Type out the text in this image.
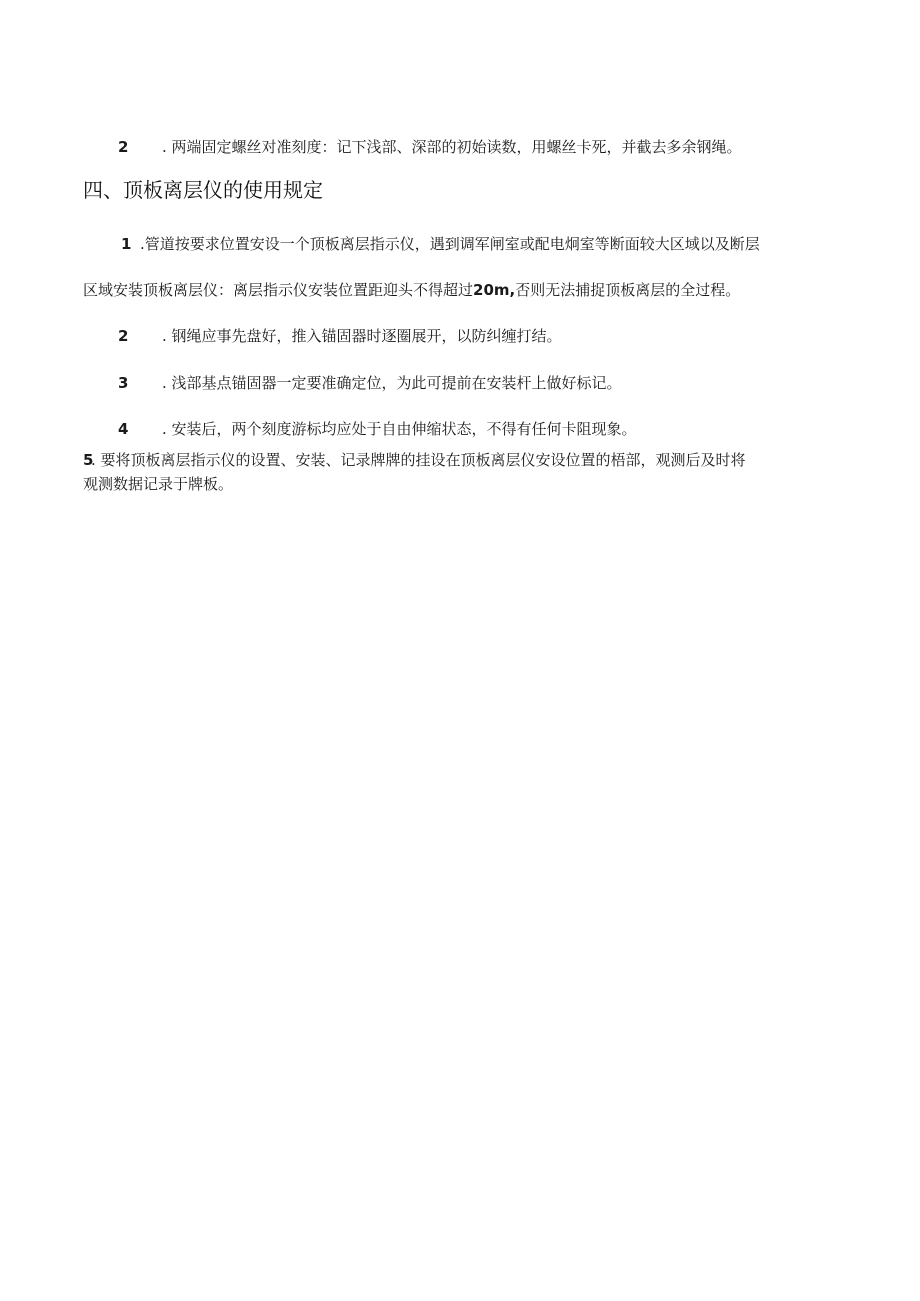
2 . 两端固定螺丝对准刻度：记下浅部、深部的初始读数，用螺丝卡死，并截去多余钢绳。
四、顶板离层仪的使用规定
1 .管道按要求位置安设一个顶板离层指示仪，遇到调军闸室或配电炯室等断面较大区域以及断层
区域安装顶板离层仪：离层指示仪安装位置距迎头不得超过20m,否则无法捕捉顶板离层的全过程。
2 . 钢绳应事先盘好，推入锚固器时逐圈展开，以防纠缠打结。
3 . 浅部基点锚固器一定要准确定位，为此可提前在安装杆上做好标记。
4 . 安装后，两个刻度游标均应处于自由伸缩状态，不得有任何卡阻现象。
5. 要将顶板离层指示仪的设置、安装、记录牌牌的挂设在顶板离层仪安设位置的梧部，观测后及时将
观测数据记录于牌板。
